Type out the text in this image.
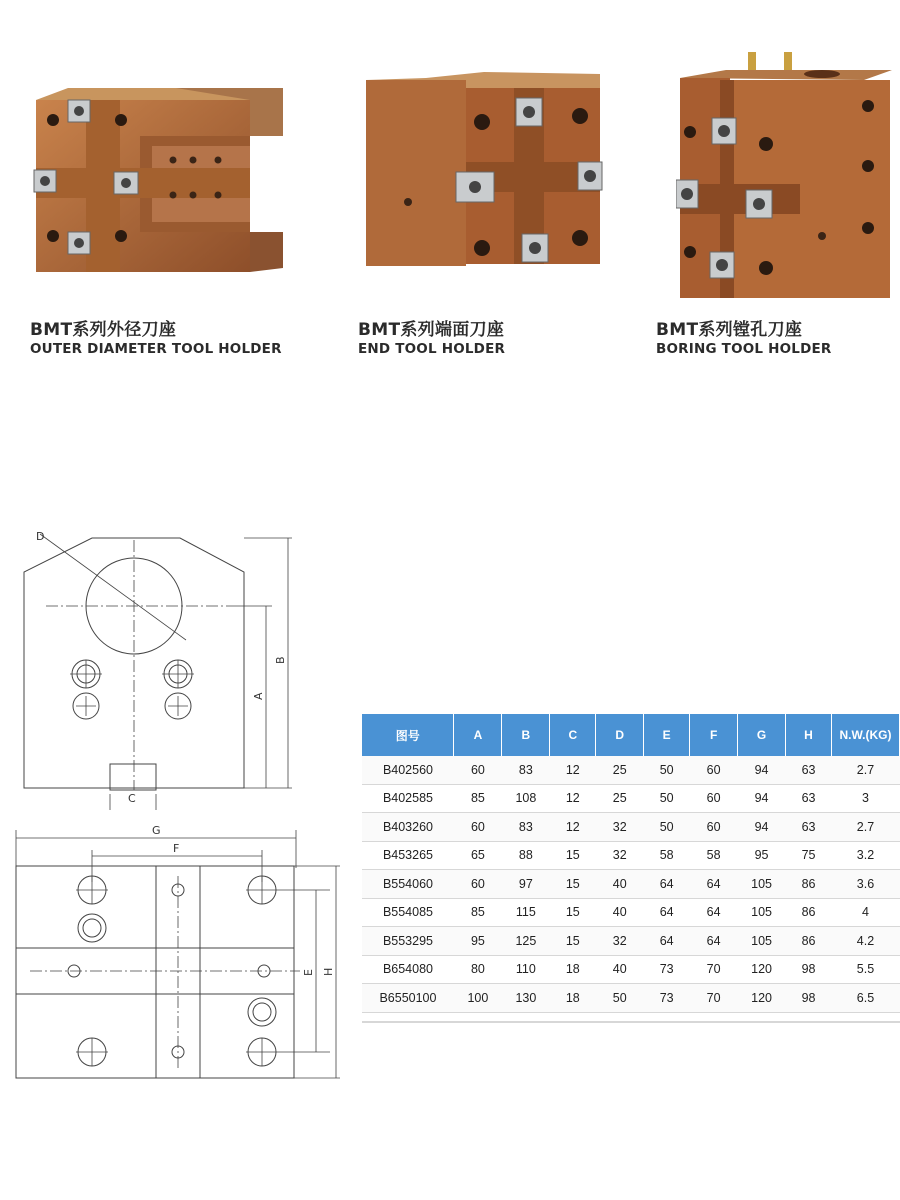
BMT系列外径刀座
OUTER DIAMETER TOOL HOLDER
BMT系列端面刀座
END TOOL HOLDER
BMT系列镗孔刀座
BORING TOOL HOLDER
D
A
B
C
G
F
E H
图号	A	B	C	D	E	F	G	H	N.W.(KG)
B402560	60	83	12	25	50	60	94	63	2.7
B402585	85	108	12	25	50	60	94	63	3
B403260	60	83	12	32	50	60	94	63	2.7
B453265	65	88	15	32	58	58	95	75	3.2
B554060	60	97	15	40	64	64	105	86	3.6
B554085	85	115	15	40	64	64	105	86	4
B553295	95	125	15	32	64	64	105	86	4.2
B654080	80	110	18	40	73	70	120	98	5.5
B6550100	100	130	18	50	73	70	120	98	6.5
